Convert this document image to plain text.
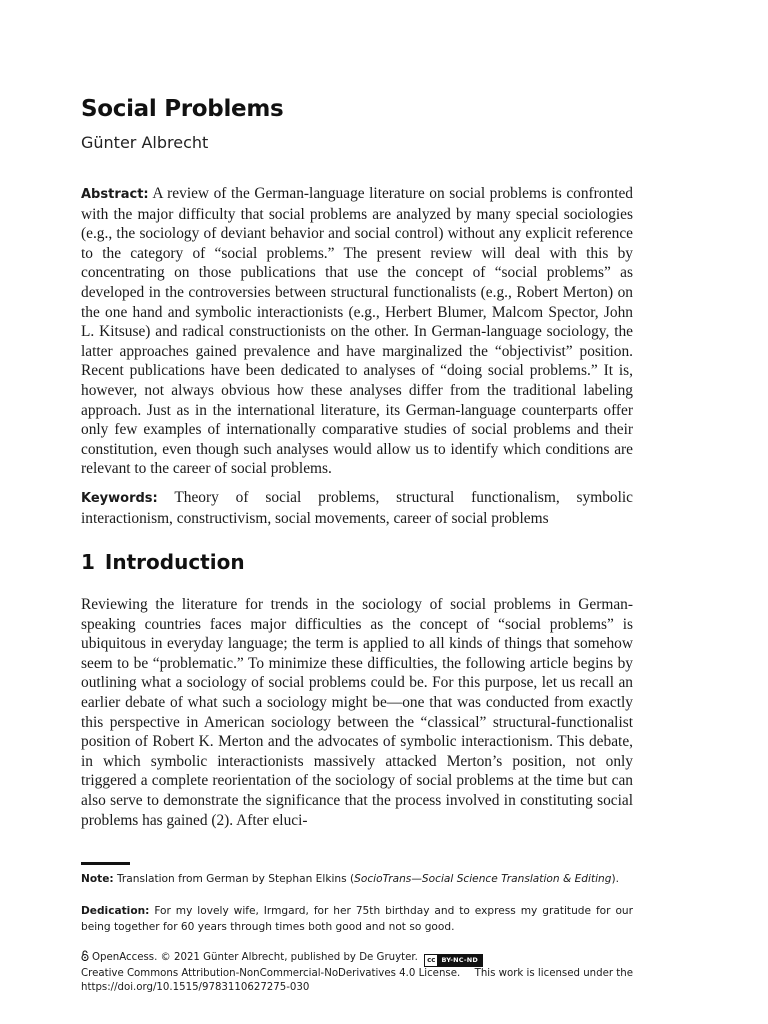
Social Problems
Günter Albrecht
Abstract: A review of the German-language literature on social problems is confronted with the major difficulty that social problems are analyzed by many special sociologies (e.g., the sociology of deviant behavior and social control) without any explicit reference to the category of “social problems.” The present review will deal with this by concentrating on those publications that use the concept of “social problems” as developed in the controversies between structural functionalists (e.g., Robert Merton) on the one hand and symbolic interactionists (e.g., Herbert Blumer, Malcom Spector, John L. Kitsuse) and radical constructionists on the other. In German-language sociology, the latter approaches gained prevalence and have marginalized the “objectivist” position. Recent publications have been dedicated to analyses of “doing social problems.” It is, however, not always obvious how these analyses differ from the traditional labeling approach. Just as in the international literature, its German-language counterparts offer only few examples of internationally comparative studies of social problems and their constitution, even though such analyses would allow us to identify which conditions are relevant to the career of social problems.
Keywords: Theory of social problems, structural functionalism, symbolic interactionism, constructivism, social movements, career of social problems
1 Introduction
Reviewing the literature for trends in the sociology of social problems in German-speaking countries faces major difficulties as the concept of “social problems” is ubiquitous in everyday language; the term is applied to all kinds of things that somehow seem to be “problematic.” To minimize these difficulties, the following article begins by outlining what a sociology of social problems could be. For this purpose, let us recall an earlier debate of what such a sociology might be—one that was conducted from exactly this perspective in American sociology between the “classical” structural-functionalist position of Robert K. Merton and the advocates of symbolic interactionism. This debate, in which symbolic interactionists massively attacked Merton’s position, not only triggered a complete reorientation of the sociology of social problems at the time but can also serve to demonstrate the significance that the process involved in constituting social problems has gained (2). After eluci-
Note: Translation from German by Stephan Elkins (SocioTrans—Social Science Translation & Editing).
Dedication: For my lovely wife, Irmgard, for her 75th birthday and to express my gratitude for our being together for 60 years through times both good and not so good.
OpenAccess. © 2021 Günter Albrecht, published by De Gruyter. cc BY-NC-ND
This work is licensed under the
Creative Commons Attribution-NonCommercial-NoDerivatives 4.0 License.
https://doi.org/10.1515/9783110627275-030
